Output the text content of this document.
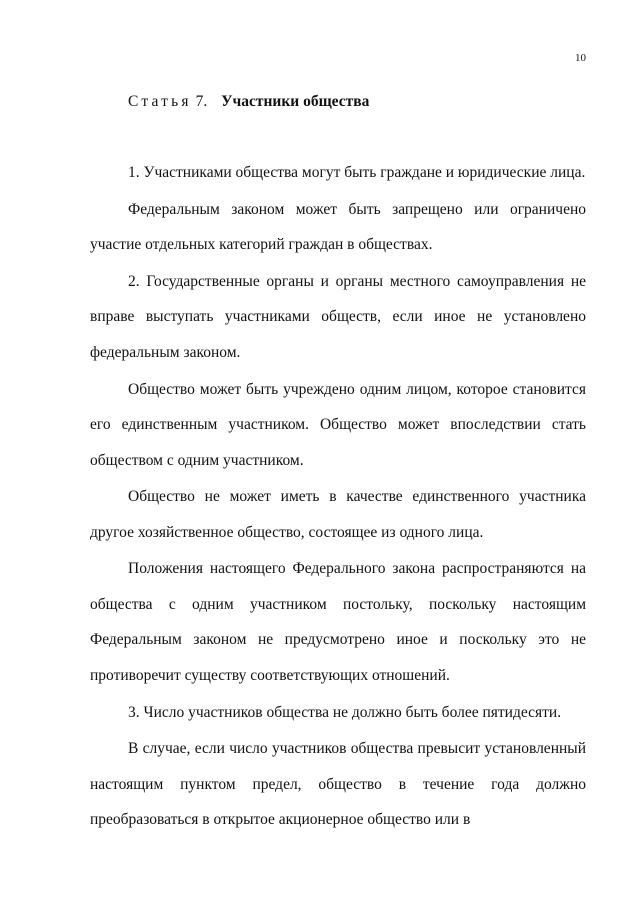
10
Статья 7. Участники общества

1. Участниками общества могут быть граждане и юридические лица.

Федеральным законом может быть запрещено или ограничено участие отдельных категорий граждан в обществах.

2. Государственные органы и органы местного самоуправления не вправе выступать участниками обществ, если иное не установлено федеральным законом.

Общество может быть учреждено одним лицом, которое становится его единственным участником. Общество может впоследствии стать обществом с одним участником.

Общество не может иметь в качестве единственного участника другое хозяйственное общество, состоящее из одного лица.

Положения настоящего Федерального закона распространяются на общества с одним участником постольку, поскольку настоящим Федеральным законом не предусмотрено иное и поскольку это не противоречит существу соответствующих отношений.

3. Число участников общества не должно быть более пятидесяти.

В случае, если число участников общества превысит установленный настоящим пунктом предел, общество в течение года должно преобразоваться в открытое акционерное общество или в
